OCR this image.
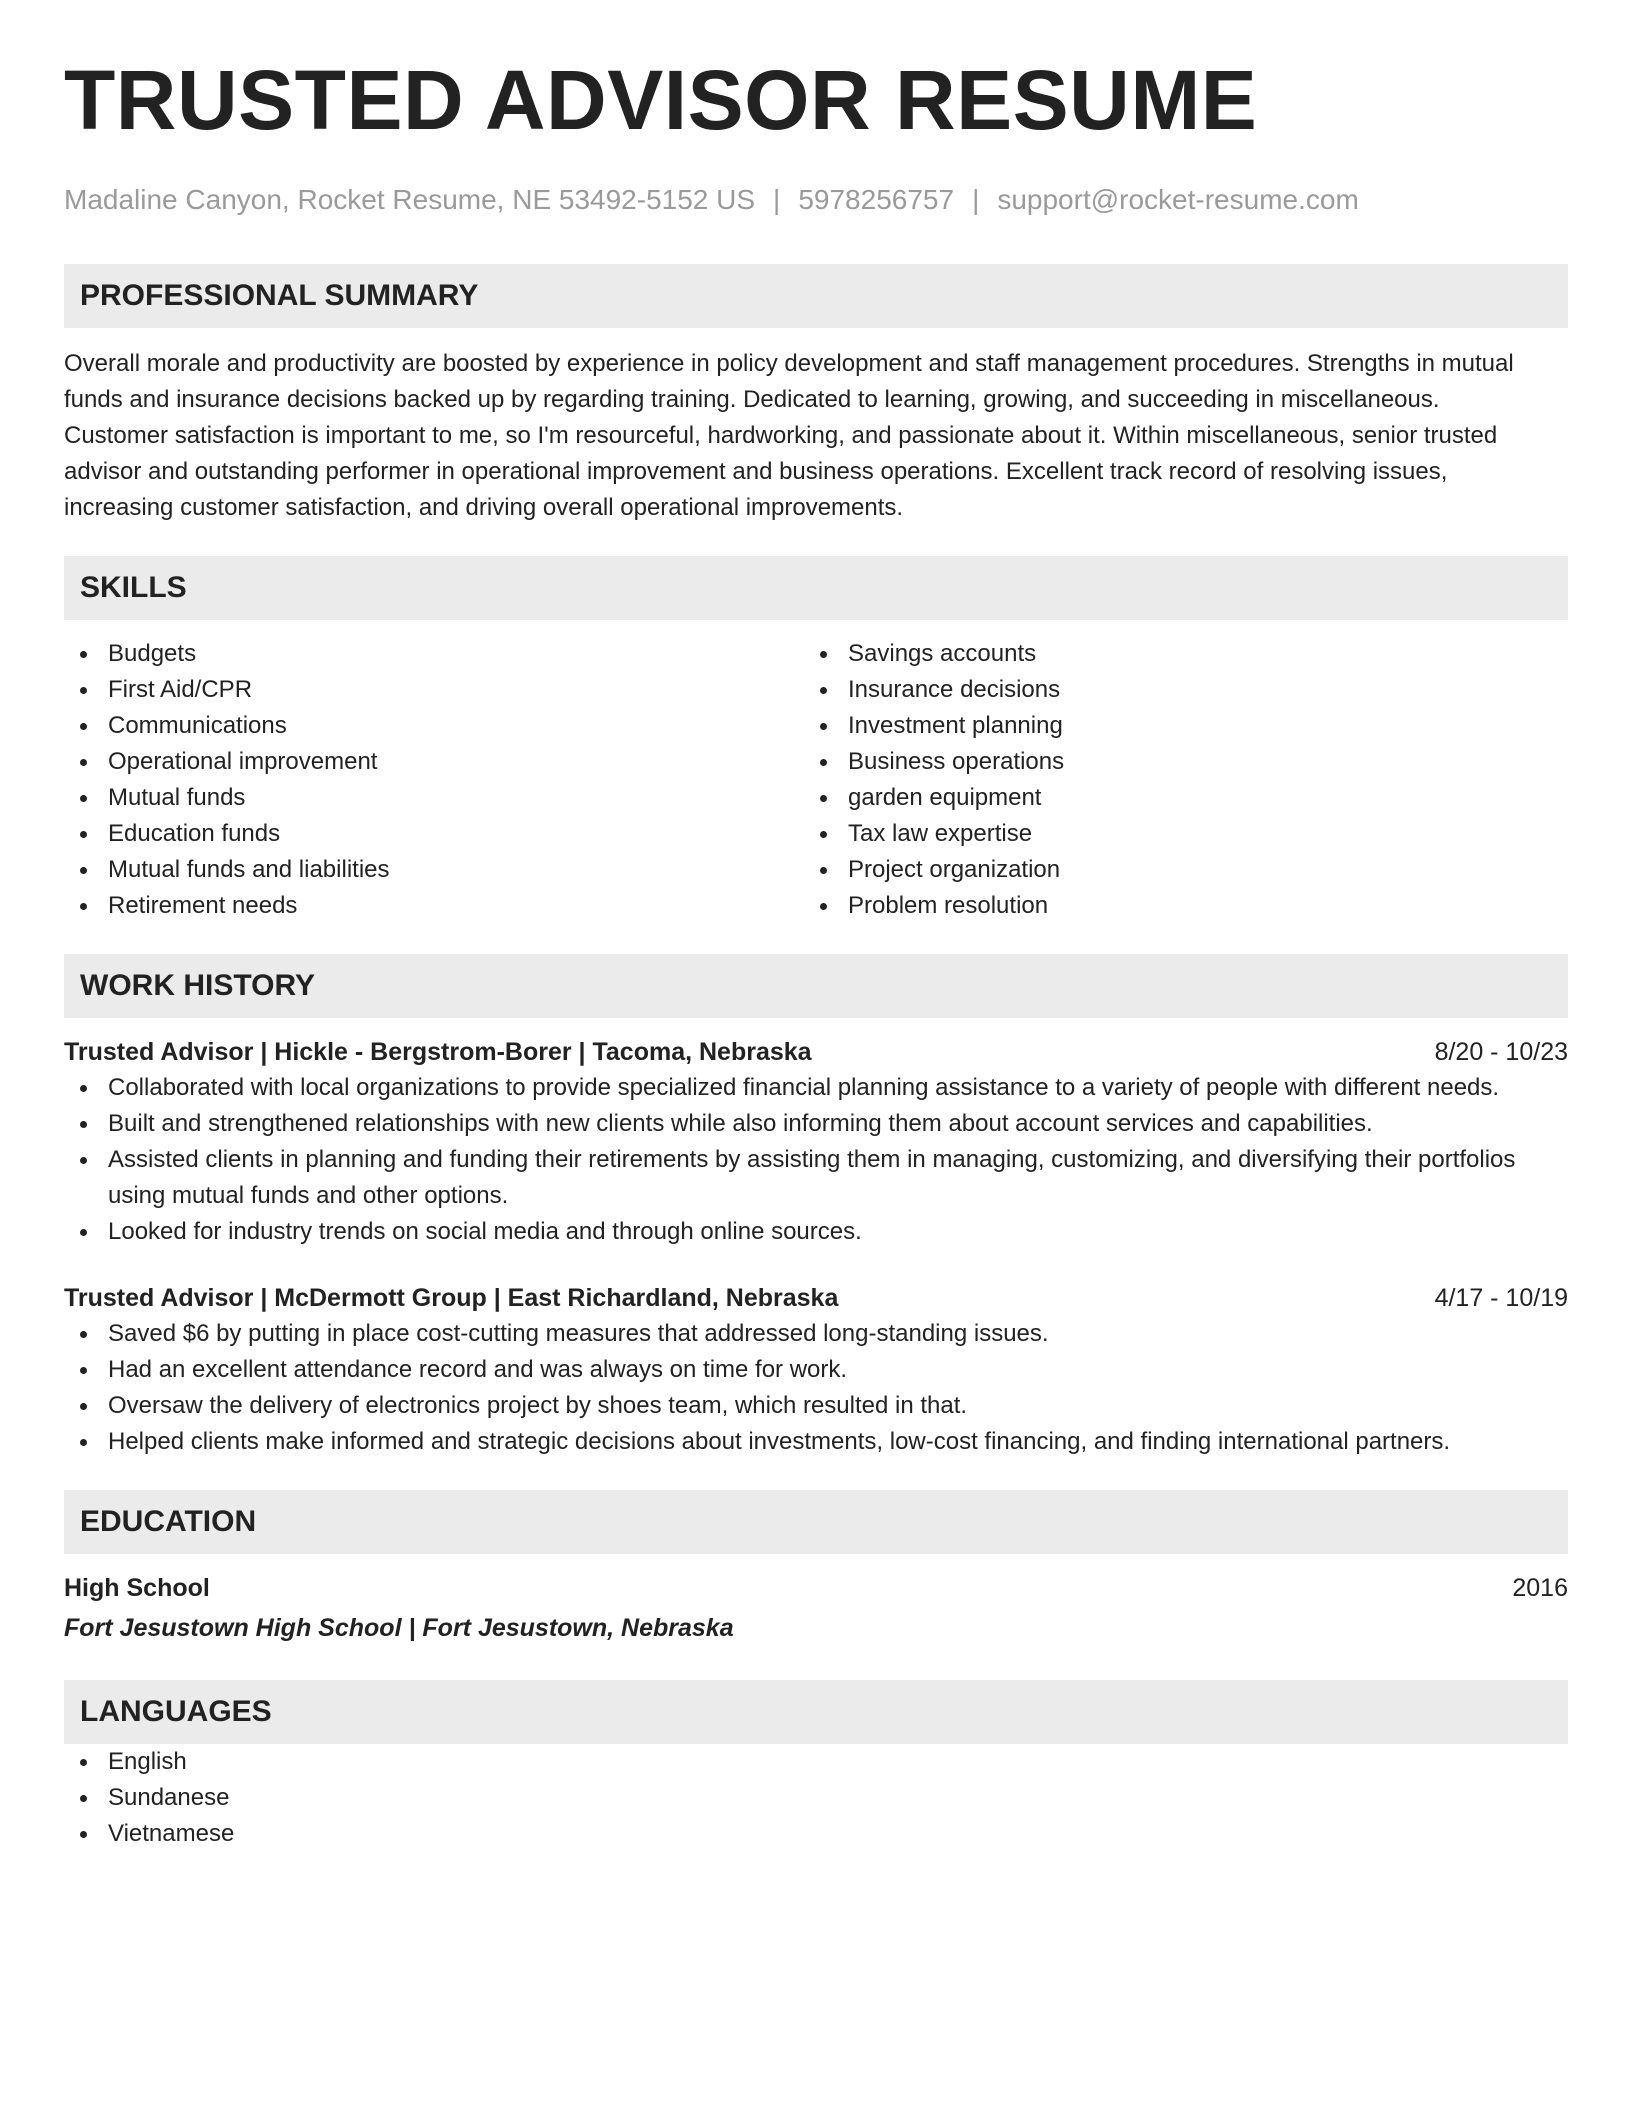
TRUSTED ADVISOR RESUME
Madaline Canyon, Rocket Resume, NE 53492-5152 US | 5978256757 | support@rocket-resume.com
PROFESSIONAL SUMMARY
Overall morale and productivity are boosted by experience in policy development and staff management procedures. Strengths in mutual
funds and insurance decisions backed up by regarding training. Dedicated to learning, growing, and succeeding in miscellaneous.
Customer satisfaction is important to me, so I'm resourceful, hardworking, and passionate about it. Within miscellaneous, senior trusted
advisor and outstanding performer in operational improvement and business operations. Excellent track record of resolving issues,
increasing customer satisfaction, and driving overall operational improvements.
SKILLS
Budgets
First Aid/CPR
Communications
Operational improvement
Mutual funds
Education funds
Mutual funds and liabilities
Retirement needs
Savings accounts
Insurance decisions
Investment planning
Business operations
garden equipment
Tax law expertise
Project organization
Problem resolution
WORK HISTORY
Trusted Advisor | Hickle - Bergstrom-Borer | Tacoma, Nebraska	8/20 - 10/23
Collaborated with local organizations to provide specialized financial planning assistance to a variety of people with different needs.
Built and strengthened relationships with new clients while also informing them about account services and capabilities.
Assisted clients in planning and funding their retirements by assisting them in managing, customizing, and diversifying their portfolios using mutual funds and other options.
Looked for industry trends on social media and through online sources.
Trusted Advisor | McDermott Group | East Richardland, Nebraska	4/17 - 10/19
Saved $6 by putting in place cost-cutting measures that addressed long-standing issues.
Had an excellent attendance record and was always on time for work.
Oversaw the delivery of electronics project by shoes team, which resulted in that.
Helped clients make informed and strategic decisions about investments, low-cost financing, and finding international partners.
EDUCATION
High School	2016
Fort Jesustown High School | Fort Jesustown, Nebraska
LANGUAGES
English
Sundanese
Vietnamese
